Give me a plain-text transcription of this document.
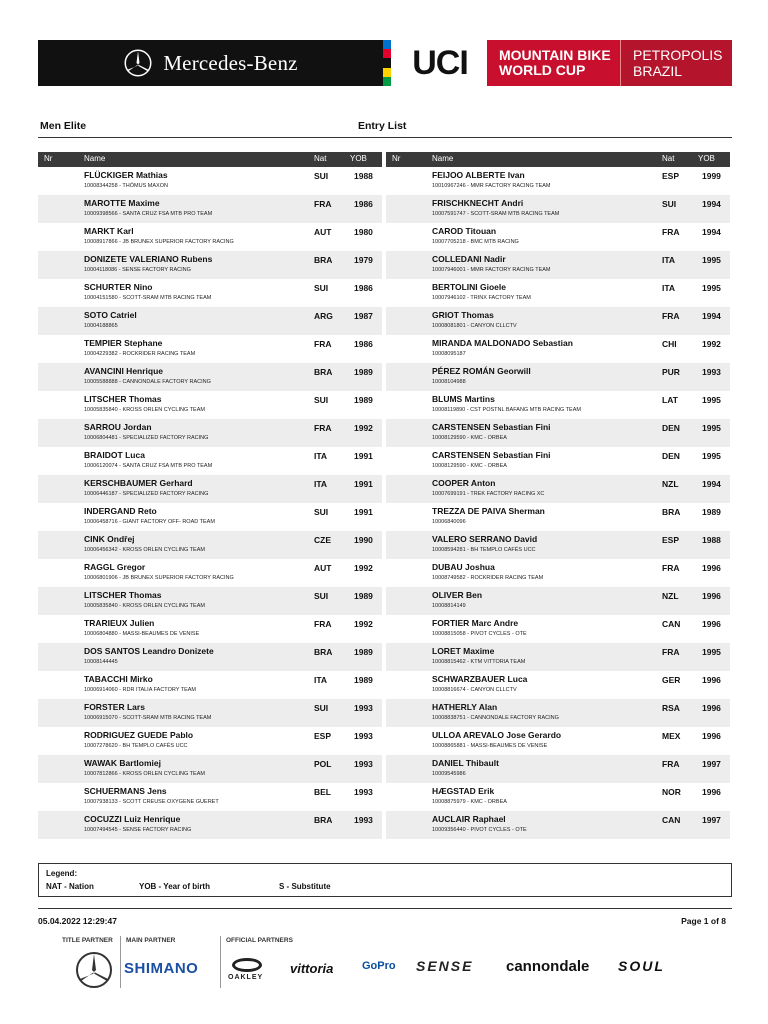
Mercedes-Benz	UCI MOUNTAIN BIKE
WORLD CUP
PETROPOLIS
BRAZIL
Men Elite	Entry List
Nr	Name	Nat	YOB
FLÜCKIGER Mathias
10008344258 - THÖMUS MAXON
SUI	1988
MAROTTE Maxime
10009398566 - SANTA CRUZ FSA MTB PRO TEAM
FRA	1986
MARKT Karl
10008917866 - JB BRUNEX SUPERIOR FACTORY RACING
AUT	1980
DONIZETE VALERIANO Rubens
10004118086 - SENSE FACTORY RACING
BRA	1979
SCHURTER Nino
10004151580 - SCOTT-SRAM MTB RACING TEAM
SUI	1986
SOTO Catriel
10004188865
ARG 1987
TEMPIER Stephane
10004229382 - ROCKRIDER RACING TEAM
FRA	1986
AVANCINI Henrique
10005588888 - CANNONDALE FACTORY RACING
BRA	1989
LITSCHER Thomas
10005835840 - KROSS ORLEN CYCLING TEAM
SUI	1989
SARROU Jordan
10006804481 - SPECIALIZED FACTORY RACING
FRA	1992
BRAIDOT Luca
10006120074 - SANTA CRUZ FSA MTB PRO TEAM
ITA	1991
KERSCHBAUMER Gerhard
10006446187 - SPECIALIZED FACTORY RACING
ITA	1991
INDERGAND Reto
10006458716 - GIANT FACTORY OFF- ROAD TEAM
SUI	1991
CINK Ondřej
10006456342 - KROSS ORLEN CYCLING TEAM
CZE	1990
RAGGL Gregor
10006801906 - JB BRUNEX SUPERIOR FACTORY RACING
AUT	1992
LITSCHER Thomas
10005835840 - KROSS ORLEN CYCLING TEAM
SUI	1989
TRARIEUX Julien
10006804880 - MASSI-BEAUMES DE VENISE
FRA	1992
DOS SANTOS Leandro Donizete
10008144445
BRA	1989
TABACCHI Mirko
10006914060 - RDR ITALIA FACTORY TEAM
ITA	1989
FORSTER Lars
10006915070 - SCOTT-SRAM MTB RACING TEAM
SUI	1993
RODRIGUEZ GUEDE Pablo
10007278620 - BH TEMPLO CAFÉS UCC
ESP	1993
WAWAK Bartlomiej
10007812866 - KROSS ORLEN CYCLING TEAM
POL	1993
SCHUERMANS Jens
10007938133 - SCOTT CREUSE OXYGENE GUERET
BEL	1993
COCUZZI Luiz Henrique
10007494545 - SENSE FACTORY RACING
BRA	1993
Nr	Name	Nat	YOB
FEIJOO ALBERTE Ivan
10010967246 - MMR FACTORY RACING TEAM
ESP	1999
FRISCHKNECHT Andri
10007591747 - SCOTT-SRAM MTB RACING TEAM
SUI	1994
CAROD Titouan
10007705218 - BMC MTB RACING
FRA	1994
COLLEDANI Nadir
10007946001 - MMR FACTORY RACING TEAM
ITA	1995
BERTOLINI Gioele
10007946102 - TRINX FACTORY TEAM
ITA	1995
GRIOT Thomas
10008081801 - CANYON CLLCTV
FRA	1994
MIRANDA MALDONADO Sebastian
10008095187
CHI	1992
PÉREZ ROMÁN Georwill
10008104988
PUR	1993
BLUMS Martins
10008119890 - CST POSTNL BAFANG MTB RACING TEAM
LAT	1995
CARSTENSEN Sebastian Fini
10008129590 - KMC - ORBEA
DEN	1995
CARSTENSEN Sebastian Fini
10008129590 - KMC - ORBEA
DEN	1995
COOPER Anton
10007699191 - TREK FACTORY RACING XC
NZL	1994
TREZZA DE PAIVA Sherman
10006840096
BRA	1989
VALERO SERRANO David
10008594281 - BH TEMPLO CAFÉS UCC
ESP	1988
DUBAU Joshua
10008749582 - ROCKRIDER RACING TEAM
FRA	1996
OLIVER Ben
10008814149
NZL	1996
FORTIER Marc Andre
10008815058 - PIVOT CYCLES - OTE
CAN	1996
LORET Maxime
10008815462 - KTM VITTORIA TEAM
FRA	1995
SCHWARZBAUER Luca
10008816674 - CANYON CLLCTV
GER	1996
HATHERLY Alan
10008838751 - CANNONDALE FACTORY RACING
RSA	1996
ULLOA AREVALO Jose Gerardo
10008865881 - MASSI-BEAUMES DE VENISE
MEX	1996
DANIEL Thibault
10009545986
FRA	1997
HÆGSTAD Erik
10008875979 - KMC - ORBEA
NOR 1996
AUCLAIR Raphael
10009356440 - PIVOT CYCLES - OTE
CAN	1997
Legend:
NAT - Nation	YOB - Year of birth	S - Substitute
05.04.2022 12:29:47	Page 1 of 8
TITLE PARTNER MAIN PARTNER	OFFICIAL PARTNERS
SHIMANO
OAKLEY
vittoria	GoPro SENSE cannondale SOUL
